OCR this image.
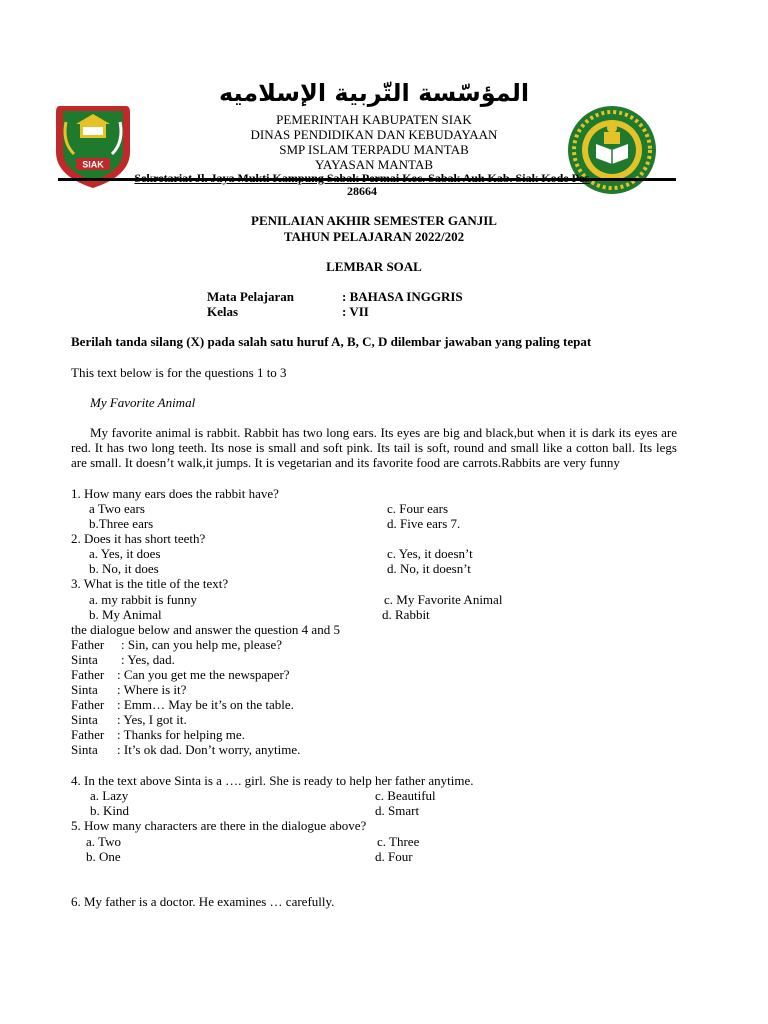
SIAK
المؤسّسة التّربية الإسلاميه
PEMERINTAH KABUPATEN SIAK
DINAS PENDIDIKAN DAN KEBUDAYAAN
SMP ISLAM TERPADU MANTAB
YAYASAN MANTAB
Sekretariat Jl. Jaya Mukti Kampung Sabak Permai Kec. Sabak Auh Kab. Siak Kode Pos
28664
PENILAIAN AKHIR SEMESTER GANJIL
TAHUN PELAJARAN 2022/202
LEMBAR SOAL
Mata Pelajaran	: BAHASA INGGRIS
Kelas	: VII
Berilah tanda silang (X) pada salah satu huruf A, B, C, D dilembar jawaban yang paling tepat
This text below is for the questions 1 to 3
My Favorite Animal
My favorite animal is rabbit. Rabbit has two long ears. Its eyes are big and black,but when it is dark its eyes are red. It has two long teeth. Its nose is small and soft pink. Its tail is soft, round and small like a cotton ball. Its legs are small. It doesn’t walk,it jumps. It is vegetarian and its favorite food are carrots.Rabbits are very funny
1. How many ears does the rabbit have?
a Two ears	c. Four ears
b.Three ears	d. Five ears 7.
2. Does it has short teeth?
a. Yes, it does	c. Yes, it doesn’t
b. No, it does	d. No, it doesn’t
3. What is the title of the text?
a. my rabbit is funny	c. My Favorite Animal
b. My Animal	d. Rabbit
the dialogue below and answer the question 4 and 5
Father : Sin, can you help me, please?
Sinta : Yes, dad.
Father : Can you get me the newspaper?
Sinta : Where is it?
Father : Emm… May be it’s on the table.
Sinta : Yes, I got it.
Father : Thanks for helping me.
Sinta : It’s ok dad. Don’t worry, anytime.
4. In the text above Sinta is a …. girl. She is ready to help her father anytime.
a. Lazy	c. Beautiful
b. Kind	d. Smart
5. How many characters are there in the dialogue above?
a. Two	c. Three
b. One	d. Four
6. My father is a doctor. He examines … carefully.
